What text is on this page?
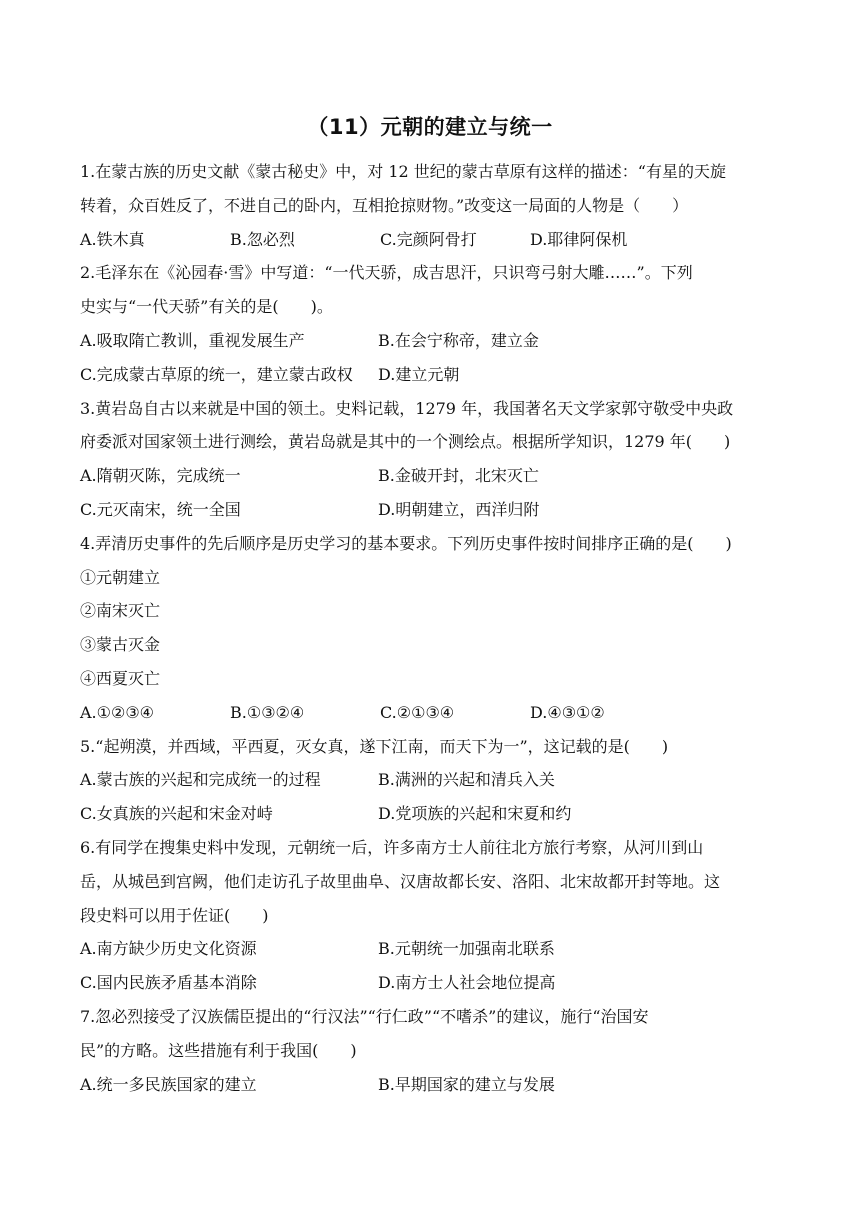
（11）元朝的建立与统一
1.在蒙古族的历史文献《蒙古秘史》中，对 12 世纪的蒙古草原有这样的描述：“有星的天旋
转着，众百姓反了，不进自己的卧内，互相抢掠财物。”改变这一局面的人物是（　　）
A.铁木真	B.忽必烈	C.完颜阿骨打	D.耶律阿保机
2.毛泽东在《沁园春·雪》中写道：“一代天骄，成吉思汗，只识弯弓射大雕……”。下列
史实与“一代天骄”有关的是(　　)。
A.吸取隋亡教训，重视发展生产	B.在会宁称帝，建立金
C.完成蒙古草原的统一，建立蒙古政权	D.建立元朝
3.黄岩岛自古以来就是中国的领土。史料记载，1279 年，我国著名天文学家郭守敬受中央政
府委派对国家领土进行测绘，黄岩岛就是其中的一个测绘点。根据所学知识，1279 年(　　)
A.隋朝灭陈，完成统一	B.金破开封，北宋灭亡
C.元灭南宋，统一全国	D.明朝建立，西洋归附
4.弄清历史事件的先后顺序是历史学习的基本要求。下列历史事件按时间排序正确的是(　　)
①元朝建立
②南宋灭亡
③蒙古灭金
④西夏灭亡
A.①②③④	B.①③②④	C.②①③④	D.④③①②
5.“起朔漠，并西域，平西夏，灭女真，遂下江南，而天下为一”，这记载的是(　　)
A.蒙古族的兴起和完成统一的过程	B.满洲的兴起和清兵入关
C.女真族的兴起和宋金对峙	D.党项族的兴起和宋夏和约
6.有同学在搜集史料中发现，元朝统一后，许多南方士人前往北方旅行考察，从河川到山
岳，从城邑到宫阙，他们走访孔子故里曲阜、汉唐故都长安、洛阳、北宋故都开封等地。这
段史料可以用于佐证(　　)
A.南方缺少历史文化资源	B.元朝统一加强南北联系
C.国内民族矛盾基本消除	D.南方士人社会地位提高
7.忽必烈接受了汉族儒臣提出的“行汉法”“行仁政”“不嗜杀”的建议，施行“治国安
民”的方略。这些措施有利于我国(　　)
A.统一多民族国家的建立	B.早期国家的建立与发展
